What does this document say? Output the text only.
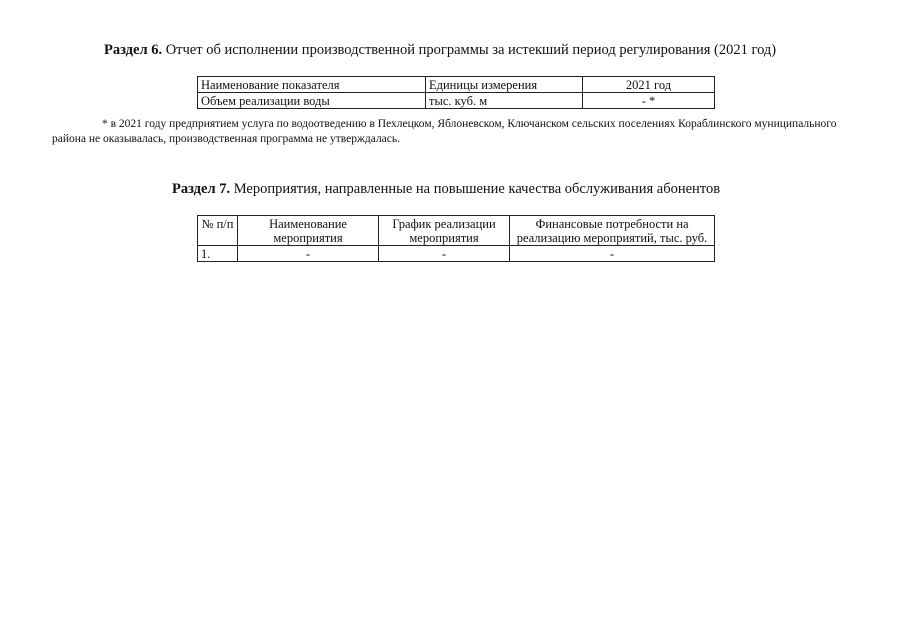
Раздел 6. Отчет об исполнении производственной программы за истекший период регулирования (2021 год)
Наименование показателя	Единицы измерения	2021 год
Объем реализации воды	тыс. куб. м	- *
* в 2021 году предприятием услуга по водоотведению в Пехлецком, Яблоневском, Ключанском сельских поселениях Кораблинского муниципального района не оказывалась, производственная программа не утверждалась.
Раздел 7. Мероприятия, направленные на повышение качества обслуживания абонентов
№ п/п	Наименование мероприятия	График реализации мероприятия	Финансовые потребности на реализацию мероприятий, тыс. руб.
1.	-	-	-
